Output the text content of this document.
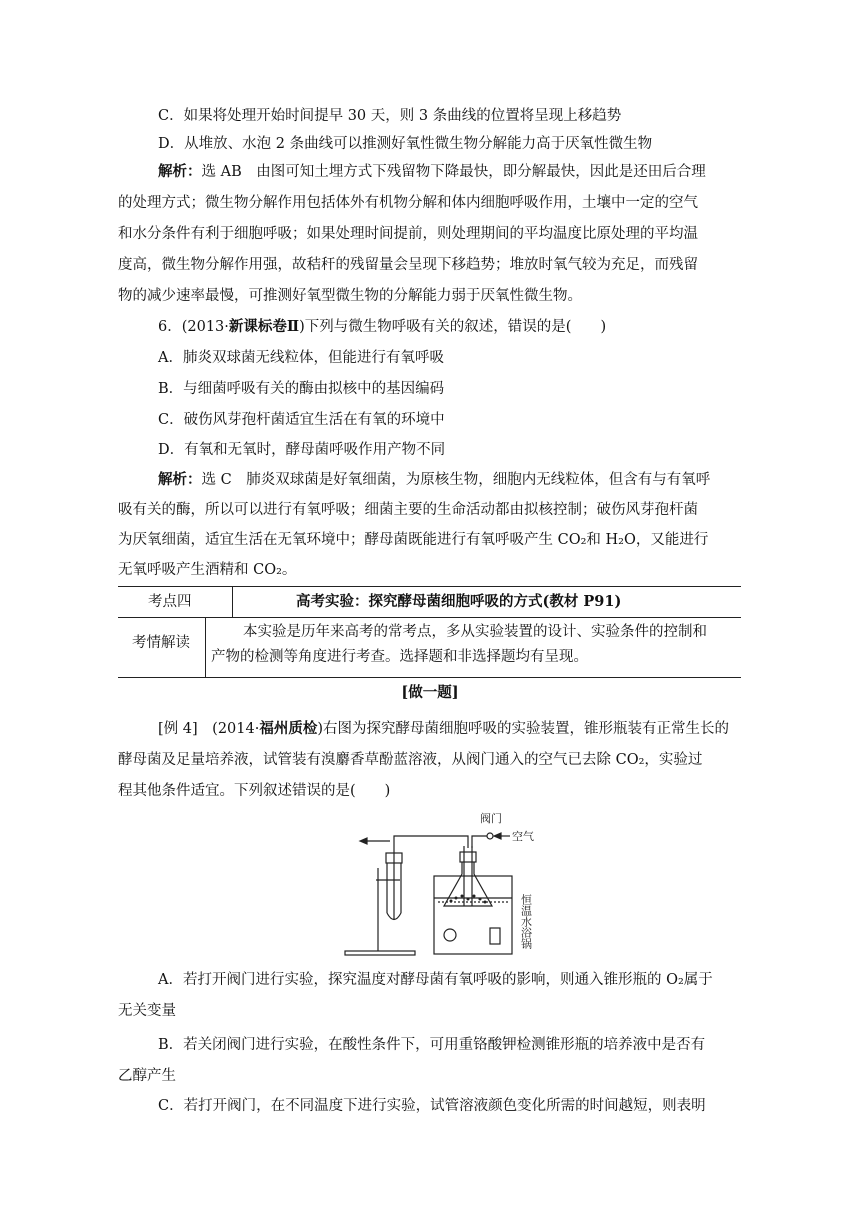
C．如果将处理开始时间提早 30 天，则 3 条曲线的位置将呈现上移趋势
D．从堆放、水泡 2 条曲线可以推测好氧性微生物分解能力高于厌氧性微生物
解析：选 AB　由图可知土埋方式下残留物下降最快，即分解最快，因此是还田后合理
的处理方式；微生物分解作用包括体外有机物分解和体内细胞呼吸作用，土壤中一定的空气
和水分条件有利于细胞呼吸；如果处理时间提前，则处理期间的平均温度比原处理的平均温
度高，微生物分解作用强，故秸秆的残留量会呈现下移趋势；堆放时氧气较为充足，而残留
物的减少速率最慢，可推测好氧型微生物的分解能力弱于厌氧性微生物。
6．(2013·新课标卷Ⅱ)下列与微生物呼吸有关的叙述，错误的是(　　)
A．肺炎双球菌无线粒体，但能进行有氧呼吸
B．与细菌呼吸有关的酶由拟核中的基因编码
C．破伤风芽孢杆菌适宜生活在有氧的环境中
D．有氧和无氧时，酵母菌呼吸作用产物不同
解析：选 C　肺炎双球菌是好氧细菌，为原核生物，细胞内无线粒体，但含有与有氧呼
吸有关的酶，所以可以进行有氧呼吸；细菌主要的生命活动都由拟核控制；破伤风芽孢杆菌
为厌氧细菌，适宜生活在无氧环境中；酵母菌既能进行有氧呼吸产生 CO₂和 H₂O，又能进行
无氧呼吸产生酒精和 CO₂。
考点四	高考实验：探究酵母菌细胞呼吸的方式(教材 P91)
考情解读
本实验是历年来高考的常考点，多从实验装置的设计、实验条件的控制和
产物的检测等角度进行考查。选择题和非选择题均有呈现。
[做一题]
[例 4]　 (2014·福州质检)右图为探究酵母菌细胞呼吸的实验装置，锥形瓶装有正常生长的
酵母菌及足量培养液，试管装有溴麝香草酚蓝溶液，从阀门通入的空气已去除 CO₂，实验过
程其他条件适宜。下列叙述错误的是(　　)
阀门
空气
恒温水浴锅
A．若打开阀门进行实验，探究温度对酵母菌有氧呼吸的影响，则通入锥形瓶的 O₂属于
无关变量
B．若关闭阀门进行实验，在酸性条件下，可用重铬酸钾检测锥形瓶的培养液中是否有
乙醇产生
C．若打开阀门，在不同温度下进行实验，试管溶液颜色变化所需的时间越短，则表明
